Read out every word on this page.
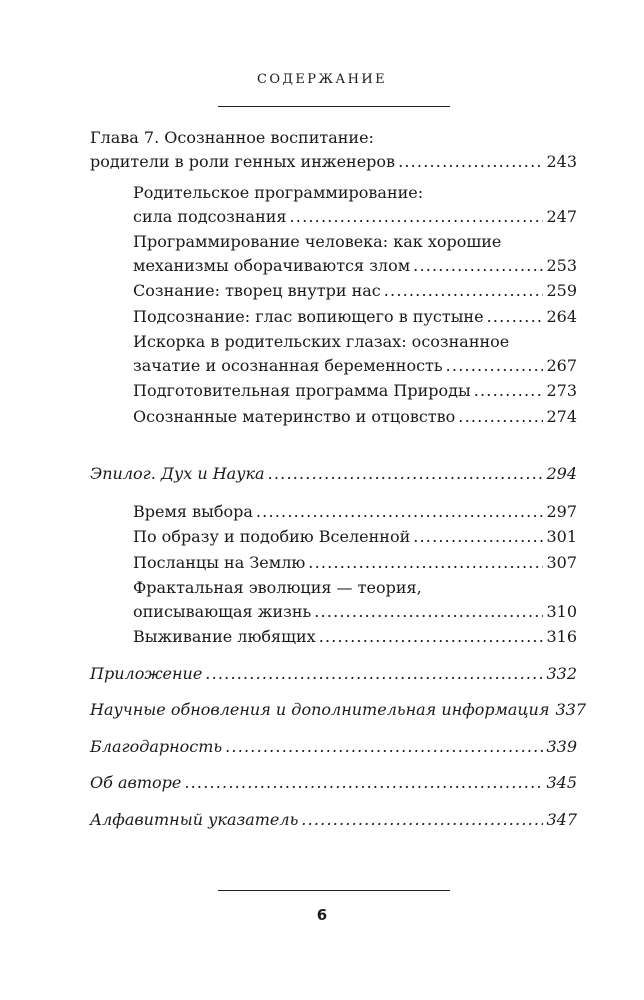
СОДЕРЖАНИЕ
Глава 7. Осознанное воспитание:
родители в роли генных инженеров .....	243
Родительское программирование:
сила подсознания .....	247
Программирование человека: как хорошие
механизмы оборачиваются злом .....	253
Сознание: творец внутри нас .....	259
Подсознание: глас вопиющего в пустыне .....	264
Искорка в родительских глазах: осознанное
зачатие и осознанная беременность .....	267
Подготовительная программа Природы .....	273
Осознанные материнство и отцовство .....	274
Эпилог. Дух и Наука .....	294
Время выбора .....	297
По образу и подобию Вселенной .....	301
Посланцы на Землю .....	307
Фрактальная эволюция — теория,
описывающая жизнь .....	310
Выживание любящих .....	316
Приложение .....	332
Научные обновления и дополнительная информация 337
Благодарность .....	339
Об авторе .....	345
Алфавитный указатель .....	347
6
